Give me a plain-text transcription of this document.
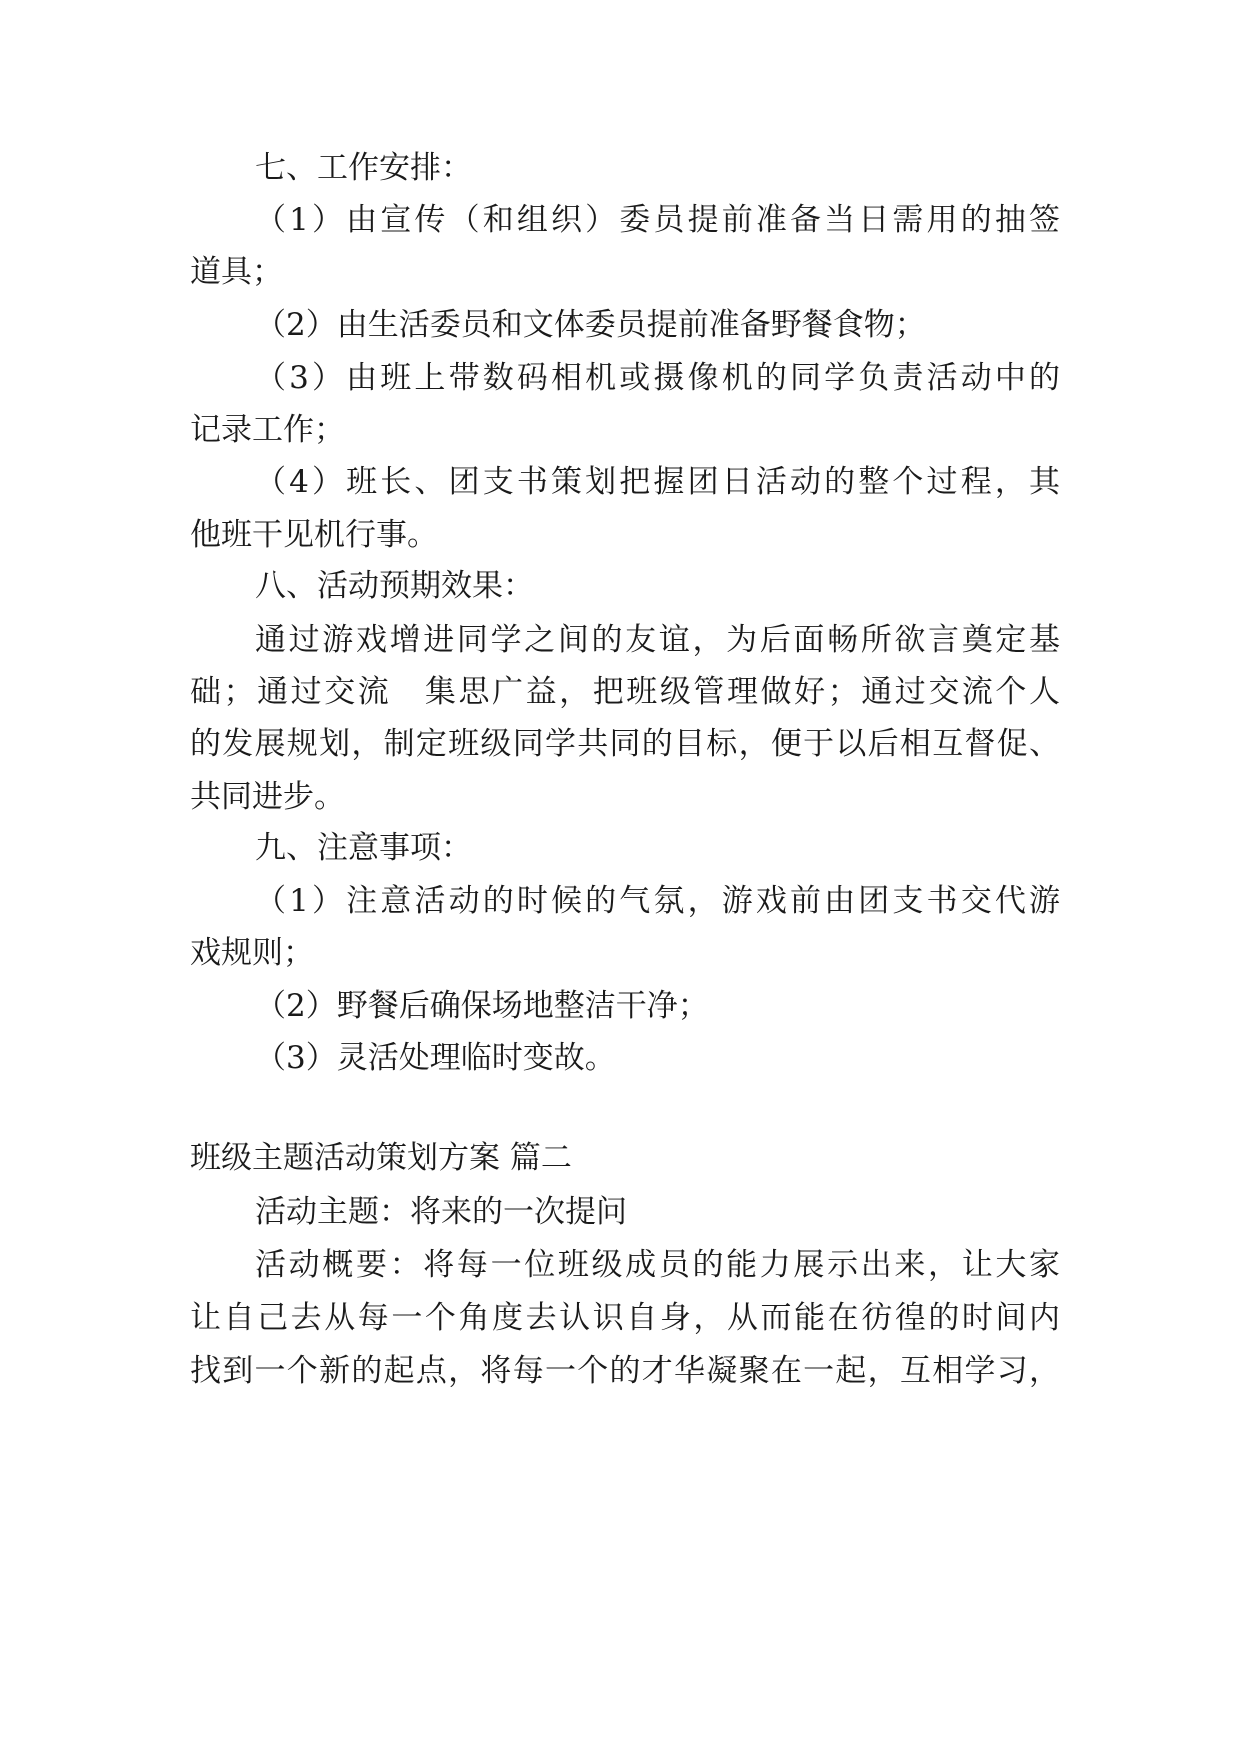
七、工作安排：
（1）由宣传（和组织）委员提前准备当日需用的抽签
道具；
（2）由生活委员和文体委员提前准备野餐食物；
（3）由班上带数码相机或摄像机的同学负责活动中的
记录工作；
（4）班长、团支书策划把握团日活动的整个过程，其
他班干见机行事。
八、活动预期效果：
通过游戏增进同学之间的友谊，为后面畅所欲言奠定基
础；通过交流　集思广益，把班级管理做好；通过交流个人
的发展规划，制定班级同学共同的目标，便于以后相互督促、
共同进步。
九、注意事项：
（1）注意活动的时候的气氛，游戏前由团支书交代游
戏规则；
（2）野餐后确保场地整洁干净；
（3）灵活处理临时变故。
班级主题活动策划方案 篇二
活动主题：将来的一次提问
活动概要：将每一位班级成员的能力展示出来，让大家
让自己去从每一个角度去认识自身，从而能在彷徨的时间内
找到一个新的起点，将每一个的才华凝聚在一起，互相学习，
